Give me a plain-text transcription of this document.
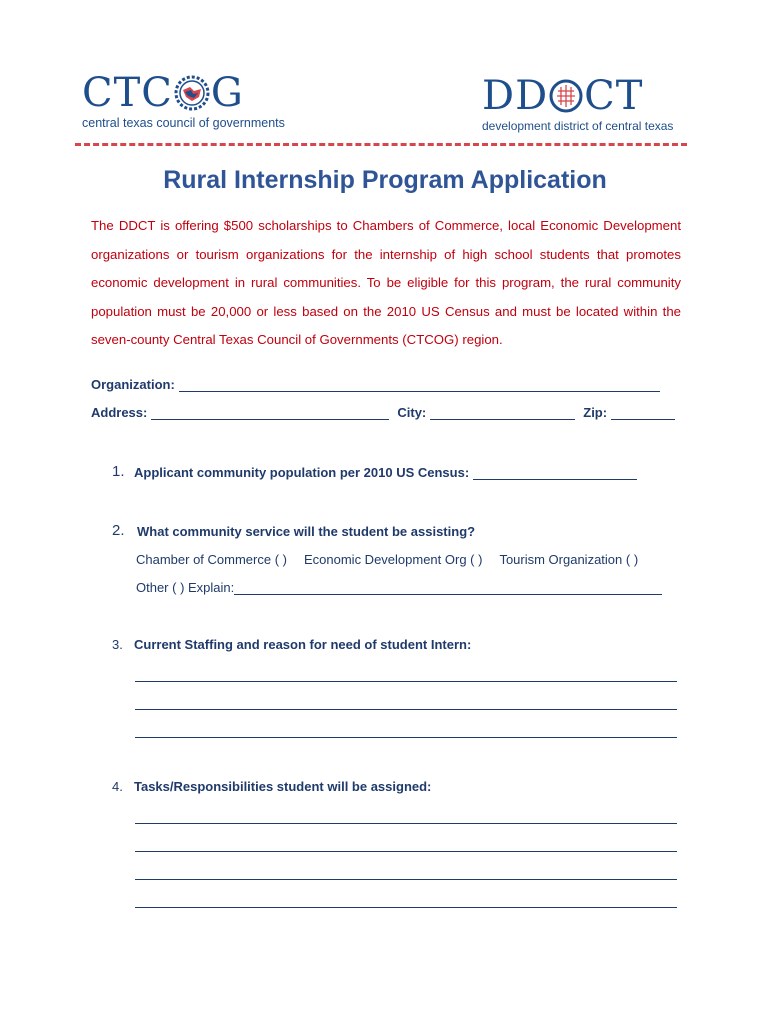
CTC G
central texas council of governments
DD CT
development district of central texas
Rural Internship Program Application
The DDCT is offering $500 scholarships to Chambers of Commerce, local Economic Development organizations or tourism organizations for the internship of high school students that promotes economic development in rural communities. To be eligible for this program, the rural community population must be 20,000 or less based on the 2010 US Census and must be located within the seven-county Central Texas Council of Governments (CTCOG) region.
Organization:
Address:	City:	Zip:
1. Applicant community population per 2010 US Census:
2. What community service will the student be assisting?
Chamber of Commerce ( ) Economic Development Org ( ) Tourism Organization ( )
Other ( ) Explain:
3. Current Staffing and reason for need of student Intern:
4. Tasks/Responsibilities student will be assigned:
